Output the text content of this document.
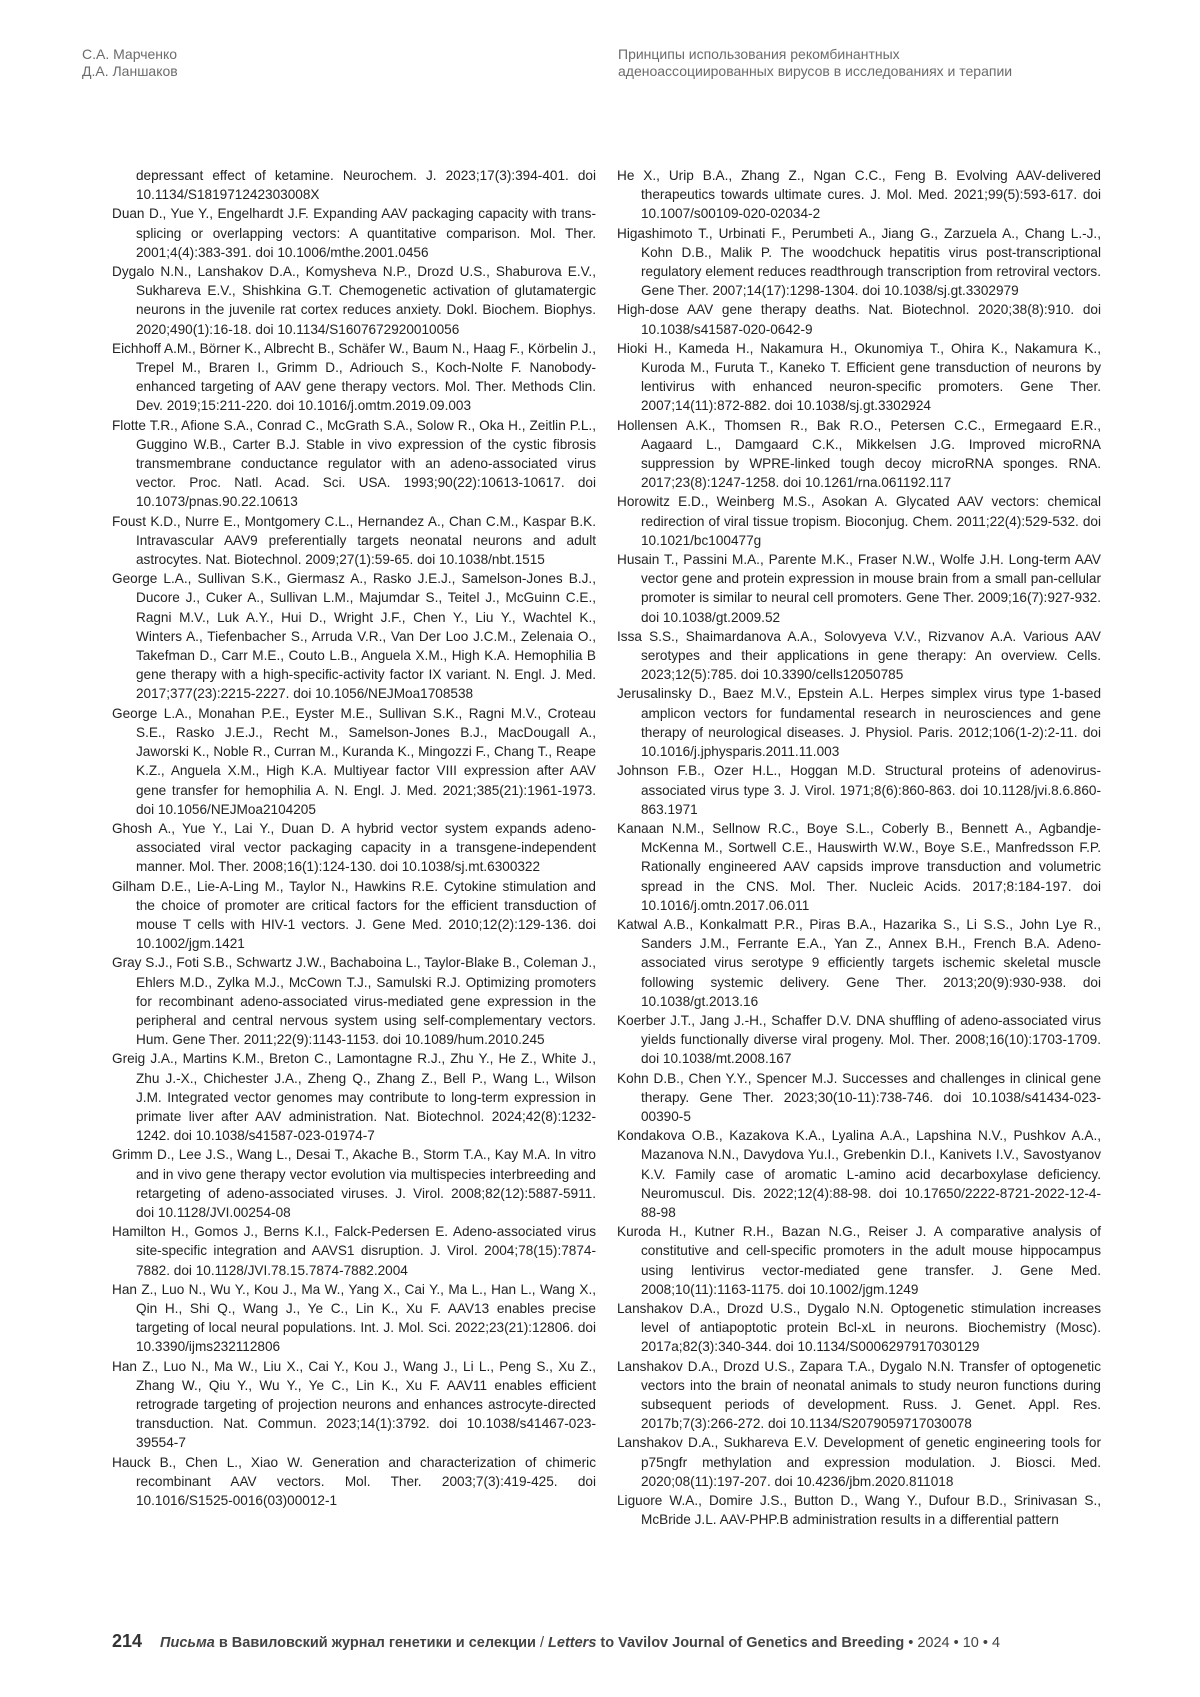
С.А. Марченко
Д.А. Ланшаков
Принципы использования рекомбинантных
аденоассоциированных вирусов в исследованиях и терапии

depressant effect of ketamine. Neurochem. J. 2023;17(3):394-401. doi 10.1134/S181971242303008X

Duan D., Yue Y., Engelhardt J.F. Expanding AAV packaging capacity with trans-splicing or overlapping vectors: A quantitative comparison. Mol. Ther. 2001;4(4):383-391. doi 10.1006/mthe.2001.0456

Dygalo N.N., Lanshakov D.A., Komysheva N.P., Drozd U.S., Shaburova E.V., Sukhareva E.V., Shishkina G.T. Chemogenetic activation of glutamatergic neurons in the juvenile rat cortex reduces anxiety. Dokl. Biochem. Biophys. 2020;490(1):16-18. doi 10.1134/S1607672920010056

Eichhoff A.M., Börner K., Albrecht B., Schäfer W., Baum N., Haag F., Körbelin J., Trepel M., Braren I., Grimm D., Adriouch S., Koch-Nolte F. Nanobody-enhanced targeting of AAV gene therapy vectors. Mol. Ther. Methods Clin. Dev. 2019;15:211-220. doi 10.1016/j.omtm.2019.09.003

Flotte T.R., Afione S.A., Conrad C., McGrath S.A., Solow R., Oka H., Zeitlin P.L., Guggino W.B., Carter B.J. Stable in vivo expression of the cystic fibrosis transmembrane conductance regulator with an adeno-associated virus vector. Proc. Natl. Acad. Sci. USA. 1993;90(22):10613-10617. doi 10.1073/pnas.90.22.10613

Foust K.D., Nurre E., Montgomery C.L., Hernandez A., Chan C.M., Kaspar B.K. Intravascular AAV9 preferentially targets neonatal neurons and adult astrocytes. Nat. Biotechnol. 2009;27(1):59-65. doi 10.1038/nbt.1515

George L.A., Sullivan S.K., Giermasz A., Rasko J.E.J., Samelson-Jones B.J., Ducore J., Cuker A., Sullivan L.M., Majumdar S., Teitel J., McGuinn C.E., Ragni M.V., Luk A.Y., Hui D., Wright J.F., Chen Y., Liu Y., Wachtel K., Winters A., Tiefenbacher S., Arruda V.R., Van Der Loo J.C.M., Zelenaia O., Takefman D., Carr M.E., Couto L.B., Anguela X.M., High K.A. Hemophilia B gene therapy with a high-specific-activity factor IX variant. N. Engl. J. Med. 2017;377(23):2215-2227. doi 10.1056/NEJMoa1708538

George L.A., Monahan P.E., Eyster M.E., Sullivan S.K., Ragni M.V., Croteau S.E., Rasko J.E.J., Recht M., Samelson-Jones B.J., MacDougall A., Jaworski K., Noble R., Curran M., Kuranda K., Mingozzi F., Chang T., Reape K.Z., Anguela X.M., High K.A. Multiyear factor VIII expression after AAV gene transfer for hemophilia A. N. Engl. J. Med. 2021;385(21):1961-1973. doi 10.1056/NEJMoa2104205

Ghosh A., Yue Y., Lai Y., Duan D. A hybrid vector system expands adeno-associated viral vector packaging capacity in a transgene-independent manner. Mol. Ther. 2008;16(1):124-130. doi 10.1038/sj.mt.6300322

Gilham D.E., Lie-A-Ling M., Taylor N., Hawkins R.E. Cytokine stimulation and the choice of promoter are critical factors for the efficient transduction of mouse T cells with HIV-1 vectors. J. Gene Med. 2010;12(2):129-136. doi 10.1002/jgm.1421

Gray S.J., Foti S.B., Schwartz J.W., Bachaboina L., Taylor-Blake B., Coleman J., Ehlers M.D., Zylka M.J., McCown T.J., Samulski R.J. Optimizing promoters for recombinant adeno-associated virus-mediated gene expression in the peripheral and central nervous system using self-complementary vectors. Hum. Gene Ther. 2011;22(9):1143-1153. doi 10.1089/hum.2010.245

Greig J.A., Martins K.M., Breton C., Lamontagne R.J., Zhu Y., He Z., White J., Zhu J.-X., Chichester J.A., Zheng Q., Zhang Z., Bell P., Wang L., Wilson J.M. Integrated vector genomes may contribute to long-term expression in primate liver after AAV administration. Nat. Biotechnol. 2024;42(8):1232-1242. doi 10.1038/s41587-023-01974-7

Grimm D., Lee J.S., Wang L., Desai T., Akache B., Storm T.A., Kay M.A. In vitro and in vivo gene therapy vector evolution via multispecies interbreeding and retargeting of adeno-associated viruses. J. Virol. 2008;82(12):5887-5911. doi 10.1128/JVI.00254-08

Hamilton H., Gomos J., Berns K.I., Falck-Pedersen E. Adeno-associated virus site-specific integration and AAVS1 disruption. J. Virol. 2004;78(15):7874-7882. doi 10.1128/JVI.78.15.7874-7882.2004

Han Z., Luo N., Wu Y., Kou J., Ma W., Yang X., Cai Y., Ma L., Han L., Wang X., Qin H., Shi Q., Wang J., Ye C., Lin K., Xu F. AAV13 enables precise targeting of local neural populations. Int. J. Mol. Sci. 2022;23(21):12806. doi 10.3390/ijms232112806

Han Z., Luo N., Ma W., Liu X., Cai Y., Kou J., Wang J., Li L., Peng S., Xu Z., Zhang W., Qiu Y., Wu Y., Ye C., Lin K., Xu F. AAV11 enables efficient retrograde targeting of projection neurons and enhances astrocyte-directed transduction. Nat. Commun. 2023;14(1):3792. doi 10.1038/s41467-023-39554-7

Hauck B., Chen L., Xiao W. Generation and characterization of chimeric recombinant AAV vectors. Mol. Ther. 2003;7(3):419-425. doi 10.1016/S1525-0016(03)00012-1

He X., Urip B.A., Zhang Z., Ngan C.C., Feng B. Evolving AAV-delivered therapeutics towards ultimate cures. J. Mol. Med. 2021;99(5):593-617. doi 10.1007/s00109-020-02034-2

Higashimoto T., Urbinati F., Perumbeti A., Jiang G., Zarzuela A., Chang L.-J., Kohn D.B., Malik P. The woodchuck hepatitis virus post-transcriptional regulatory element reduces readthrough transcription from retroviral vectors. Gene Ther. 2007;14(17):1298-1304. doi 10.1038/sj.gt.3302979

High-dose AAV gene therapy deaths. Nat. Biotechnol. 2020;38(8):910. doi 10.1038/s41587-020-0642-9

Hioki H., Kameda H., Nakamura H., Okunomiya T., Ohira K., Nakamura K., Kuroda M., Furuta T., Kaneko T. Efficient gene transduction of neurons by lentivirus with enhanced neuron-specific promoters. Gene Ther. 2007;14(11):872-882. doi 10.1038/sj.gt.3302924

Hollensen A.K., Thomsen R., Bak R.O., Petersen C.C., Ermegaard E.R., Aagaard L., Damgaard C.K., Mikkelsen J.G. Improved microRNA suppression by WPRE-linked tough decoy microRNA sponges. RNA. 2017;23(8):1247-1258. doi 10.1261/rna.061192.117

Horowitz E.D., Weinberg M.S., Asokan A. Glycated AAV vectors: chemical redirection of viral tissue tropism. Bioconjug. Chem. 2011;22(4):529-532. doi 10.1021/bc100477g

Husain T., Passini M.A., Parente M.K., Fraser N.W., Wolfe J.H. Long-term AAV vector gene and protein expression in mouse brain from a small pan-cellular promoter is similar to neural cell promoters. Gene Ther. 2009;16(7):927-932. doi 10.1038/gt.2009.52

Issa S.S., Shaimardanova A.A., Solovyeva V.V., Rizvanov A.A. Various AAV serotypes and their applications in gene therapy: An overview. Cells. 2023;12(5):785. doi 10.3390/cells12050785

Jerusalinsky D., Baez M.V., Epstein A.L. Herpes simplex virus type 1-based amplicon vectors for fundamental research in neurosciences and gene therapy of neurological diseases. J. Physiol. Paris. 2012;106(1-2):2-11. doi 10.1016/j.jphysparis.2011.11.003

Johnson F.B., Ozer H.L., Hoggan M.D. Structural proteins of adenovirus-associated virus type 3. J. Virol. 1971;8(6):860-863. doi 10.1128/jvi.8.6.860-863.1971

Kanaan N.M., Sellnow R.C., Boye S.L., Coberly B., Bennett A., Agbandje-McKenna M., Sortwell C.E., Hauswirth W.W., Boye S.E., Manfredsson F.P. Rationally engineered AAV capsids improve transduction and volumetric spread in the CNS. Mol. Ther. Nucleic Acids. 2017;8:184-197. doi 10.1016/j.omtn.2017.06.011

Katwal A.B., Konkalmatt P.R., Piras B.A., Hazarika S., Li S.S., John Lye R., Sanders J.M., Ferrante E.A., Yan Z., Annex B.H., French B.A. Adeno-associated virus serotype 9 efficiently targets ischemic skeletal muscle following systemic delivery. Gene Ther. 2013;20(9):930-938. doi 10.1038/gt.2013.16

Koerber J.T., Jang J.-H., Schaffer D.V. DNA shuffling of adeno-associated virus yields functionally diverse viral progeny. Mol. Ther. 2008;16(10):1703-1709. doi 10.1038/mt.2008.167

Kohn D.B., Chen Y.Y., Spencer M.J. Successes and challenges in clinical gene therapy. Gene Ther. 2023;30(10-11):738-746. doi 10.1038/s41434-023-00390-5

Kondakova O.B., Kazakova K.A., Lyalina A.A., Lapshina N.V., Pushkov A.A., Mazanova N.N., Davydova Yu.I., Grebenkin D.I., Kanivets I.V., Savostyanov K.V. Family case of aromatic L-amino acid decarboxylase deficiency. Neuromuscul. Dis. 2022;12(4):88-98. doi 10.17650/2222-8721-2022-12-4-88-98

Kuroda H., Kutner R.H., Bazan N.G., Reiser J. A comparative analysis of constitutive and cell-specific promoters in the adult mouse hippocampus using lentivirus vector-mediated gene transfer. J. Gene Med. 2008;10(11):1163-1175. doi 10.1002/jgm.1249

Lanshakov D.A., Drozd U.S., Dygalo N.N. Optogenetic stimulation increases level of antiapoptotic protein Bcl-xL in neurons. Biochemistry (Mosc). 2017a;82(3):340-344. doi 10.1134/S0006297917030129

Lanshakov D.A., Drozd U.S., Zapara T.A., Dygalo N.N. Transfer of optogenetic vectors into the brain of neonatal animals to study neuron functions during subsequent periods of development. Russ. J. Genet. Appl. Res. 2017b;7(3):266-272. doi 10.1134/S2079059717030078

Lanshakov D.A., Sukhareva E.V. Development of genetic engineering tools for p75ngfr methylation and expression modulation. J. Biosci. Med. 2020;08(11):197-207. doi 10.4236/jbm.2020.811018

Liguore W.A., Domire J.S., Button D., Wang Y., Dufour B.D., Srinivasan S., McBride J.L. AAV-PHP.B administration results in a differential pattern

214 Письма в Вавиловский журнал генетики и селекции / Letters to Vavilov Journal of Genetics and Breeding • 2024 • 10 • 4
